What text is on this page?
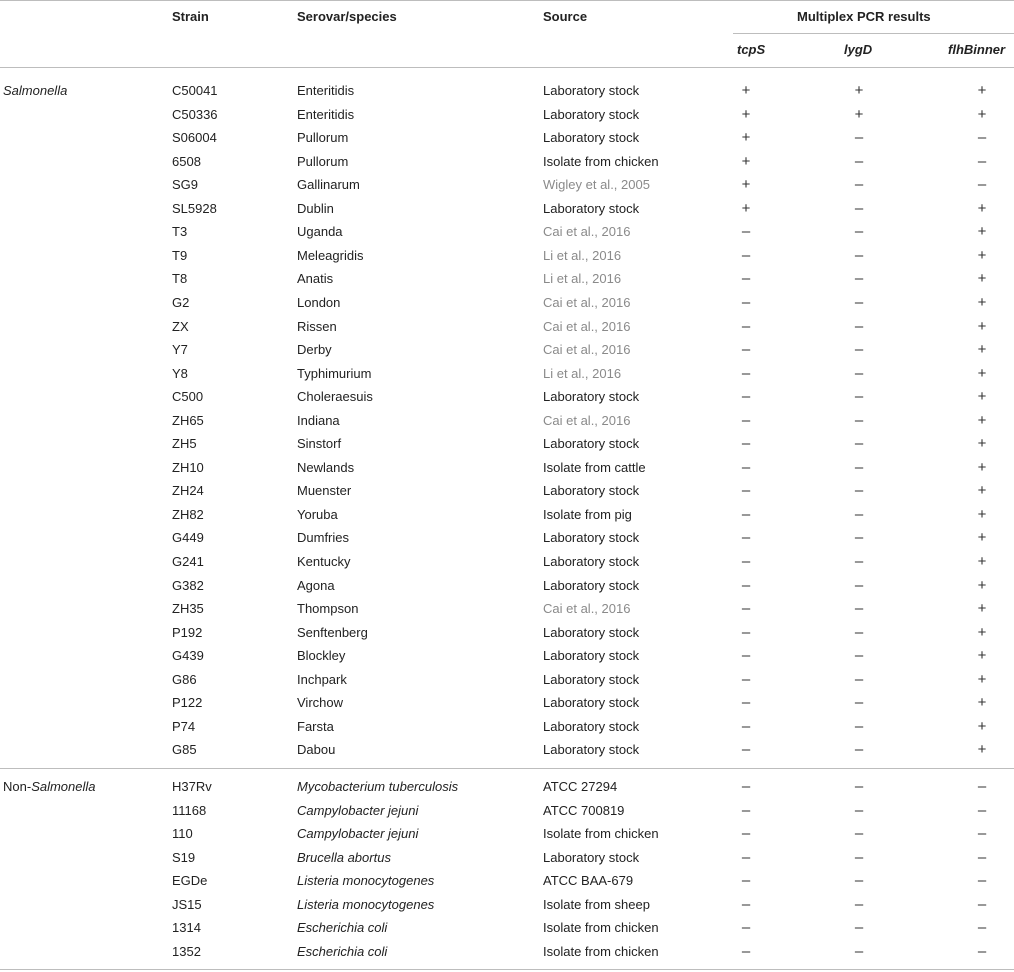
Strain	Serovar/species	Source	Multiplex PCR results
tcpS	lygD	flhBinner
Salmonella	C50041	Enteritidis	Laboratory stock	+	+	+
C50336	Enteritidis	Laboratory stock	+	+	+
S06004	Pullorum	Laboratory stock	+	–	–
6508	Pullorum	Isolate from chicken	+	–	–
SG9	Gallinarum	Wigley et al., 2005	+	–	–
SL5928	Dublin	Laboratory stock	+	–	+
T3	Uganda	Cai et al., 2016	–	–	+
T9	Meleagridis	Li et al., 2016	–	–	+
T8	Anatis	Li et al., 2016	–	–	+
G2	London	Cai et al., 2016	–	–	+
ZX	Rissen	Cai et al., 2016	–	–	+
Y7	Derby	Cai et al., 2016	–	–	+
Y8	Typhimurium	Li et al., 2016	–	–	+
C500	Choleraesuis	Laboratory stock	–	–	+
ZH65	Indiana	Cai et al., 2016	–	–	+
ZH5	Sinstorf	Laboratory stock	–	–	+
ZH10	Newlands	Isolate from cattle	–	–	+
ZH24	Muenster	Laboratory stock	–	–	+
ZH82	Yoruba	Isolate from pig	–	–	+
G449	Dumfries	Laboratory stock	–	–	+
G241	Kentucky	Laboratory stock	–	–	+
G382	Agona	Laboratory stock	–	–	+
ZH35	Thompson	Cai et al., 2016	–	–	+
P192	Senftenberg	Laboratory stock	–	–	+
G439	Blockley	Laboratory stock	–	–	+
G86	Inchpark	Laboratory stock	–	–	+
P122	Virchow	Laboratory stock	–	–	+
P74	Farsta	Laboratory stock	–	–	+
G85	Dabou	Laboratory stock	–	–	+
Non-Salmonella	H37Rv	Mycobacterium tuberculosis	ATCC 27294	–	–	–
11168	Campylobacter jejuni	ATCC 700819	–	–	–
110	Campylobacter jejuni	Isolate from chicken	–	–	–
S19	Brucella abortus	Laboratory stock	–	–	–
EGDe	Listeria monocytogenes	ATCC BAA-679	–	–	–
JS15	Listeria monocytogenes	Isolate from sheep	–	–	–
1314	Escherichia coli	Isolate from chicken	–	–	–
1352	Escherichia coli	Isolate from chicken	–	–	–
